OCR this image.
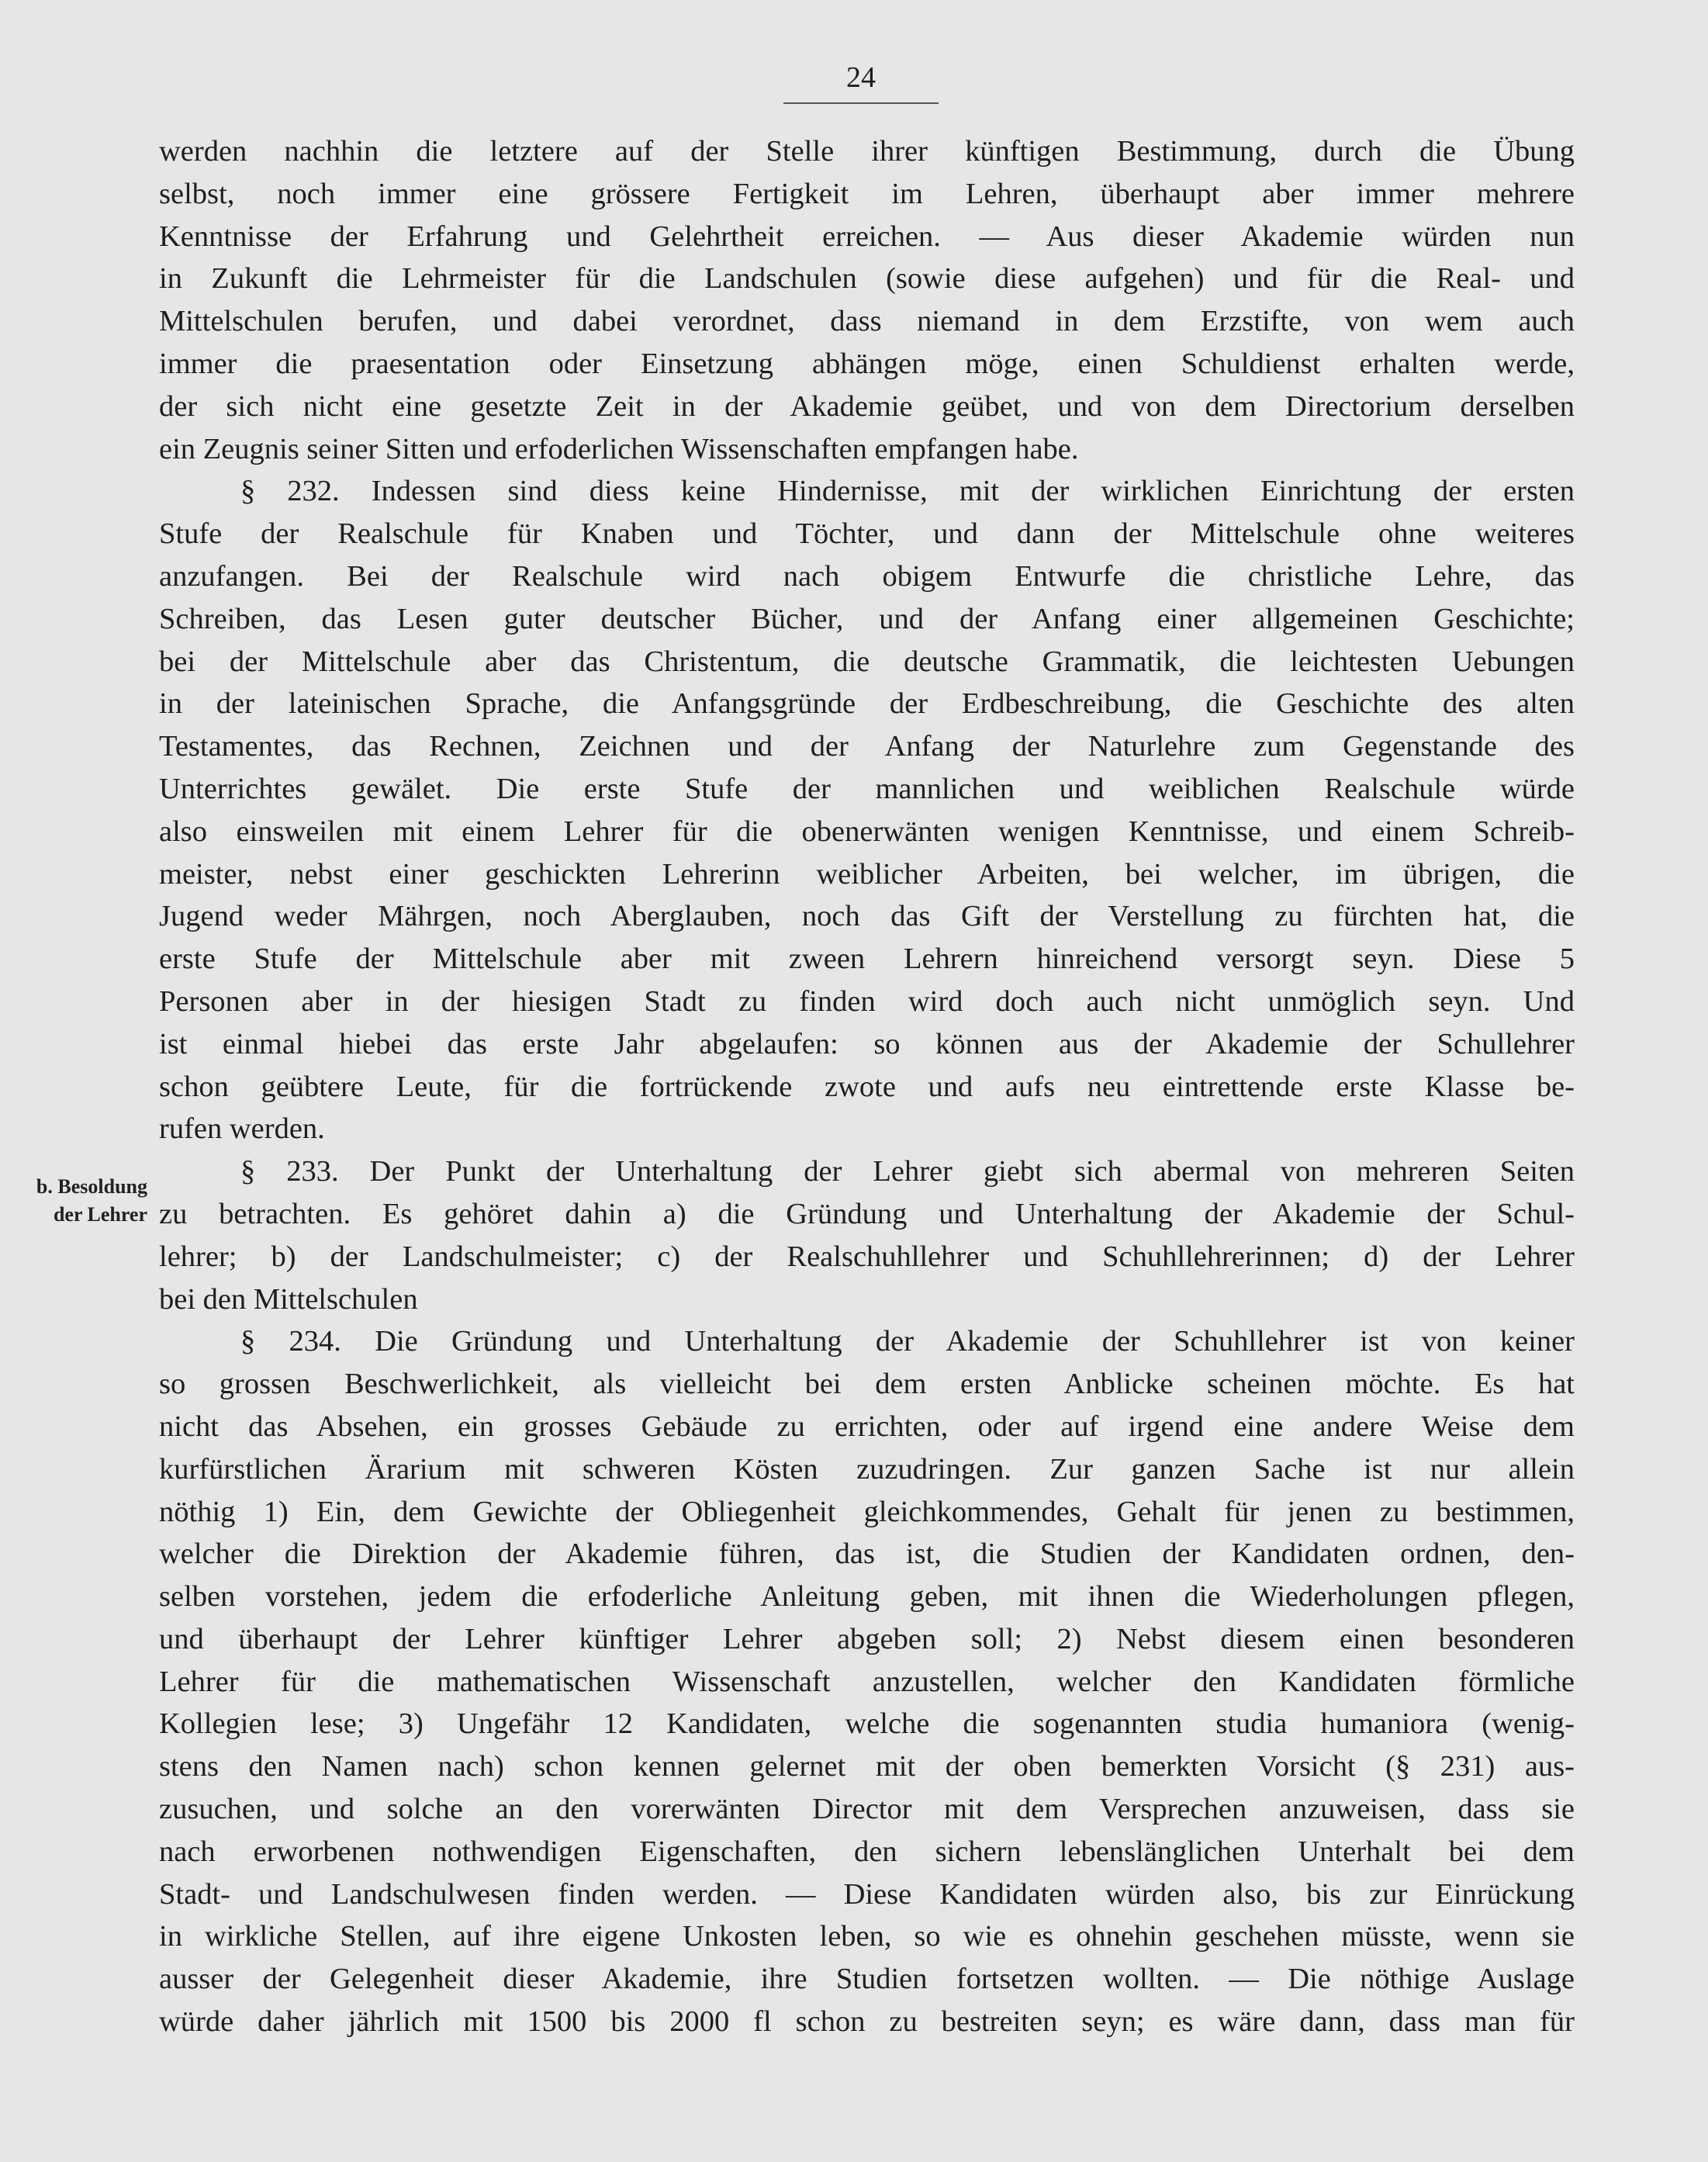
24
b. Besoldung
der Lehrer
werden nachhin die letztere auf der Stelle ihrer künftigen Bestimmung, durch die Übung
selbst, noch immer eine grössere Fertigkeit im Lehren, überhaupt aber immer mehrere
Kenntnisse der Erfahrung und Gelehrtheit erreichen. — Aus dieser Akademie würden nun
in Zukunft die Lehrmeister für die Landschulen (sowie diese aufgehen) und für die Real- und
Mittelschulen berufen, und dabei verordnet, dass niemand in dem Erzstifte, von wem auch
immer die praesentation oder Einsetzung abhängen möge, einen Schuldienst erhalten werde,
der sich nicht eine gesetzte Zeit in der Akademie geübet, und von dem Directorium derselben
ein Zeugnis seiner Sitten und erfoderlichen Wissenschaften empfangen habe.
§ 232. Indessen sind diess keine Hindernisse, mit der wirklichen Einrichtung der ersten
Stufe der Realschule für Knaben und Töchter, und dann der Mittelschule ohne weiteres
anzufangen. Bei der Realschule wird nach obigem Entwurfe die christliche Lehre, das
Schreiben, das Lesen guter deutscher Bücher, und der Anfang einer allgemeinen Geschichte;
bei der Mittelschule aber das Christentum, die deutsche Grammatik, die leichtesten Uebungen
in der lateinischen Sprache, die Anfangsgründe der Erdbeschreibung, die Geschichte des alten
Testamentes, das Rechnen, Zeichnen und der Anfang der Naturlehre zum Gegenstande des
Unterrichtes gewälet. Die erste Stufe der mannlichen und weiblichen Realschule würde
also einsweilen mit einem Lehrer für die obenerwänten wenigen Kenntnisse, und einem Schreib-
meister, nebst einer geschickten Lehrerinn weiblicher Arbeiten, bei welcher, im übrigen, die
Jugend weder Mährgen, noch Aberglauben, noch das Gift der Verstellung zu fürchten hat, die
erste Stufe der Mittelschule aber mit zween Lehrern hinreichend versorgt seyn. Diese 5
Personen aber in der hiesigen Stadt zu finden wird doch auch nicht unmöglich seyn. Und
ist einmal hiebei das erste Jahr abgelaufen: so können aus der Akademie der Schullehrer
schon geübtere Leute, für die fortrückende zwote und aufs neu eintrettende erste Klasse be-
rufen werden.
§ 233. Der Punkt der Unterhaltung der Lehrer giebt sich abermal von mehreren Seiten
zu betrachten. Es gehöret dahin a) die Gründung und Unterhaltung der Akademie der Schul-
lehrer; b) der Landschulmeister; c) der Realschuhllehrer und Schuhllehrerinnen; d) der Lehrer
bei den Mittelschulen
§ 234. Die Gründung und Unterhaltung der Akademie der Schuhllehrer ist von keiner
so grossen Beschwerlichkeit, als vielleicht bei dem ersten Anblicke scheinen möchte. Es hat
nicht das Absehen, ein grosses Gebäude zu errichten, oder auf irgend eine andere Weise dem
kurfürstlichen Ärarium mit schweren Kösten zuzudringen. Zur ganzen Sache ist nur allein
nöthig 1) Ein, dem Gewichte der Obliegenheit gleichkommendes, Gehalt für jenen zu bestimmen,
welcher die Direktion der Akademie führen, das ist, die Studien der Kandidaten ordnen, den-
selben vorstehen, jedem die erfoderliche Anleitung geben, mit ihnen die Wiederholungen pflegen,
und überhaupt der Lehrer künftiger Lehrer abgeben soll; 2) Nebst diesem einen besonderen
Lehrer für die mathematischen Wissenschaft anzustellen, welcher den Kandidaten förmliche
Kollegien lese; 3) Ungefähr 12 Kandidaten, welche die sogenannten studia humaniora (wenig-
stens den Namen nach) schon kennen gelernet mit der oben bemerkten Vorsicht (§ 231) aus-
zusuchen, und solche an den vorerwänten Director mit dem Versprechen anzuweisen, dass sie
nach erworbenen nothwendigen Eigenschaften, den sichern lebenslänglichen Unterhalt bei dem
Stadt- und Landschulwesen finden werden. — Diese Kandidaten würden also, bis zur Einrückung
in wirkliche Stellen, auf ihre eigene Unkosten leben, so wie es ohnehin geschehen müsste, wenn sie
ausser der Gelegenheit dieser Akademie, ihre Studien fortsetzen wollten. — Die nöthige Auslage
würde daher jährlich mit 1500 bis 2000 fl schon zu bestreiten seyn; es wäre dann, dass man für
